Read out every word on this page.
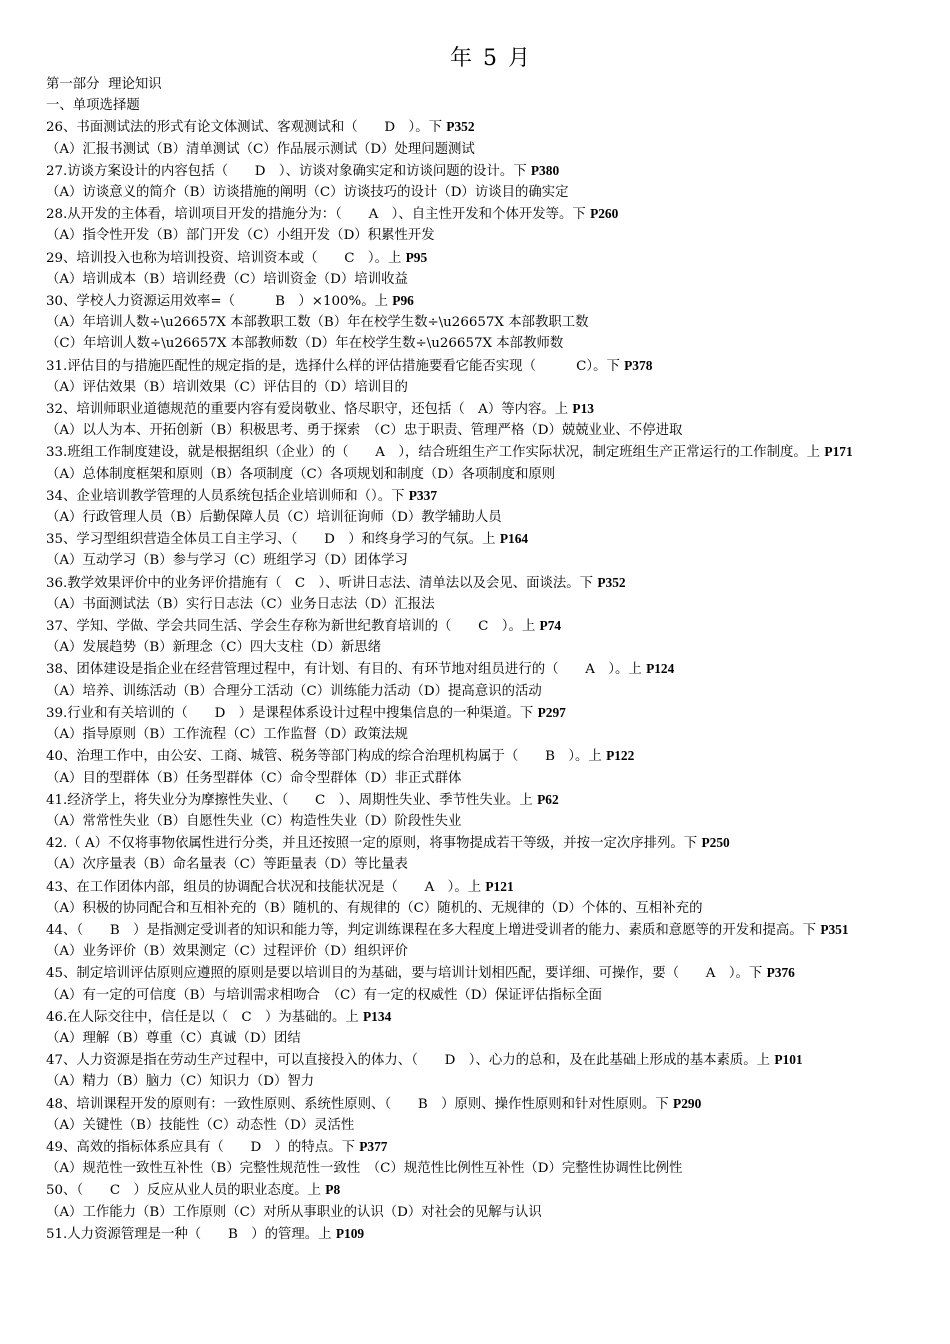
年 5 月
第一部分  理论知识
一、单项选择题
26、书面测试法的形式有论文体测试、客观测试和（　　D　）。下 P352
（A）汇报书测试（B）清单测试（C）作品展示测试（D）处理问题测试
27.访谈方案设计的内容包括（　　D　）、访谈对象确实定和访谈问题的设计。下 P380
（A）访谈意义的简介（B）访谈措施的阐明（C）访谈技巧的设计（D）访谈目的确实定
28.从开发的主体看，培训项目开发的措施分为：（　　A　）、自主性开发和个体开发等。下 P260
（A）指令性开发（B）部门开发（C）小组开发（D）积累性开发
29、培训投入也称为培训投资、培训资本或（　　C　）。上 P95
（A）培训成本（B）培训经费（C）培训资金（D）培训收益
30、学校人力资源运用效率=（　　　B　）×100%。上 P96
（A）年培训人数÷\u26657X 本部教职工数（B）年在校学生数÷\u26657X 本部教职工数
（C）年培训人数÷\u26657X 本部教师数（D）年在校学生数÷\u26657X 本部教师数
31.评估目的与措施匹配性的规定指的是，选择什么样的评估措施要看它能否实现（　　　C）。下 P378
（A）评估效果（B）培训效果（C）评估目的（D）培训目的
32、培训师职业道德规范的重要内容有爱岗敬业、恪尽职守，还包括（　A）等内容。上 P13
（A）以人为本、开拓创新（B）积极思考、勇于探索　（C）忠于职责、管理严格（D）兢兢业业、不停进取
33.班组工作制度建设，就是根据组织（企业）的（　　A　），结合班组生产工作实际状况，制定班组生产正常运行的工作制度。上 P171
（A）总体制度框架和原则（B）各项制度（C）各项规划和制度（D）各项制度和原则
34、企业培训教学管理的人员系统包括企业培训师和（）。下 P337
（A）行政管理人员（B）后勤保障人员（C）培训征询师（D）教学辅助人员
35、学习型组织营造全体员工自主学习、（　　D　）和终身学习的气氛。上 P164
（A）互动学习（B）参与学习（C）班组学习（D）团体学习
36.教学效果评价中的业务评价措施有（　C　）、听讲日志法、清单法以及会见、面谈法。下 P352
（A）书面测试法（B）实行日志法（C）业务日志法（D）汇报法
37、学知、学做、学会共同生活、学会生存称为新世纪教育培训的（　　C　）。上 P74
（A）发展趋势（B）新理念（C）四大支柱（D）新思绪
38、团体建设是指企业在经营管理过程中，有计划、有目的、有环节地对组员进行的（　　A　）。上 P124
（A）培养、训练活动（B）合理分工活动（C）训练能力活动（D）提高意识的活动
39.行业和有关培训的（　　D　）是课程体系设计过程中搜集信息的一种渠道。下 P297
（A）指导原则（B）工作流程（C）工作监督（D）政策法规
40、治理工作中，由公安、工商、城管、税务等部门构成的综合治理机构属于（　　B　）。上 P122
（A）目的型群体（B）任务型群体（C）命令型群体（D）非正式群体
41.经济学上，将失业分为摩擦性失业、（　　C　）、周期性失业、季节性失业。上 P62
（A）常常性失业（B）自愿性失业（C）构造性失业（D）阶段性失业
42.（ A）不仅将事物依属性进行分类，并且还按照一定的原则，将事物提成若干等级，并按一定次序排列。下 P250
（A）次序量表（B）命名量表（C）等距量表（D）等比量表
43、在工作团体内部，组员的协调配合状况和技能状况是（　　A　）。上 P121
（A）积极的协同配合和互相补充的（B）随机的、有规律的（C）随机的、无规律的（D）个体的、互相补充的
44、（　　B　）是指测定受训者的知识和能力等，判定训练课程在多大程度上增进受训者的能力、素质和意愿等的开发和提高。下 P351
（A）业务评价（B）效果测定（C）过程评价（D）组织评价
45、制定培训评估原则应遵照的原则是要以培训目的为基础，要与培训计划相匹配，要详细、可操作，要（　　A　）。下 P376
（A）有一定的可信度（B）与培训需求相吻合　（C）有一定的权威性（D）保证评估指标全面
46.在人际交往中，信任是以（　C　）为基础的。上 P134
（A）理解（B）尊重（C）真诚（D）团结
47、人力资源是指在劳动生产过程中，可以直接投入的体力、（　　D　）、心力的总和，及在此基础上形成的基本素质。上 P101
（A）精力（B）脑力（C）知识力（D）智力
48、培训课程开发的原则有：一致性原则、系统性原则、（　　B　）原则、操作性原则和针对性原则。下 P290
（A）关键性（B）技能性（C）动态性（D）灵活性
49、高效的指标体系应具有（　　D　）的特点。下 P377
（A）规范性一致性互补性（B）完整性规范性一致性　（C）规范性比例性互补性（D）完整性协调性比例性
50、（　　C　）反应从业人员的职业态度。上 P8
（A）工作能力（B）工作原则（C）对所从事职业的认识（D）对社会的见解与认识
51.人力资源管理是一种（　　B　）的管理。上 P109
